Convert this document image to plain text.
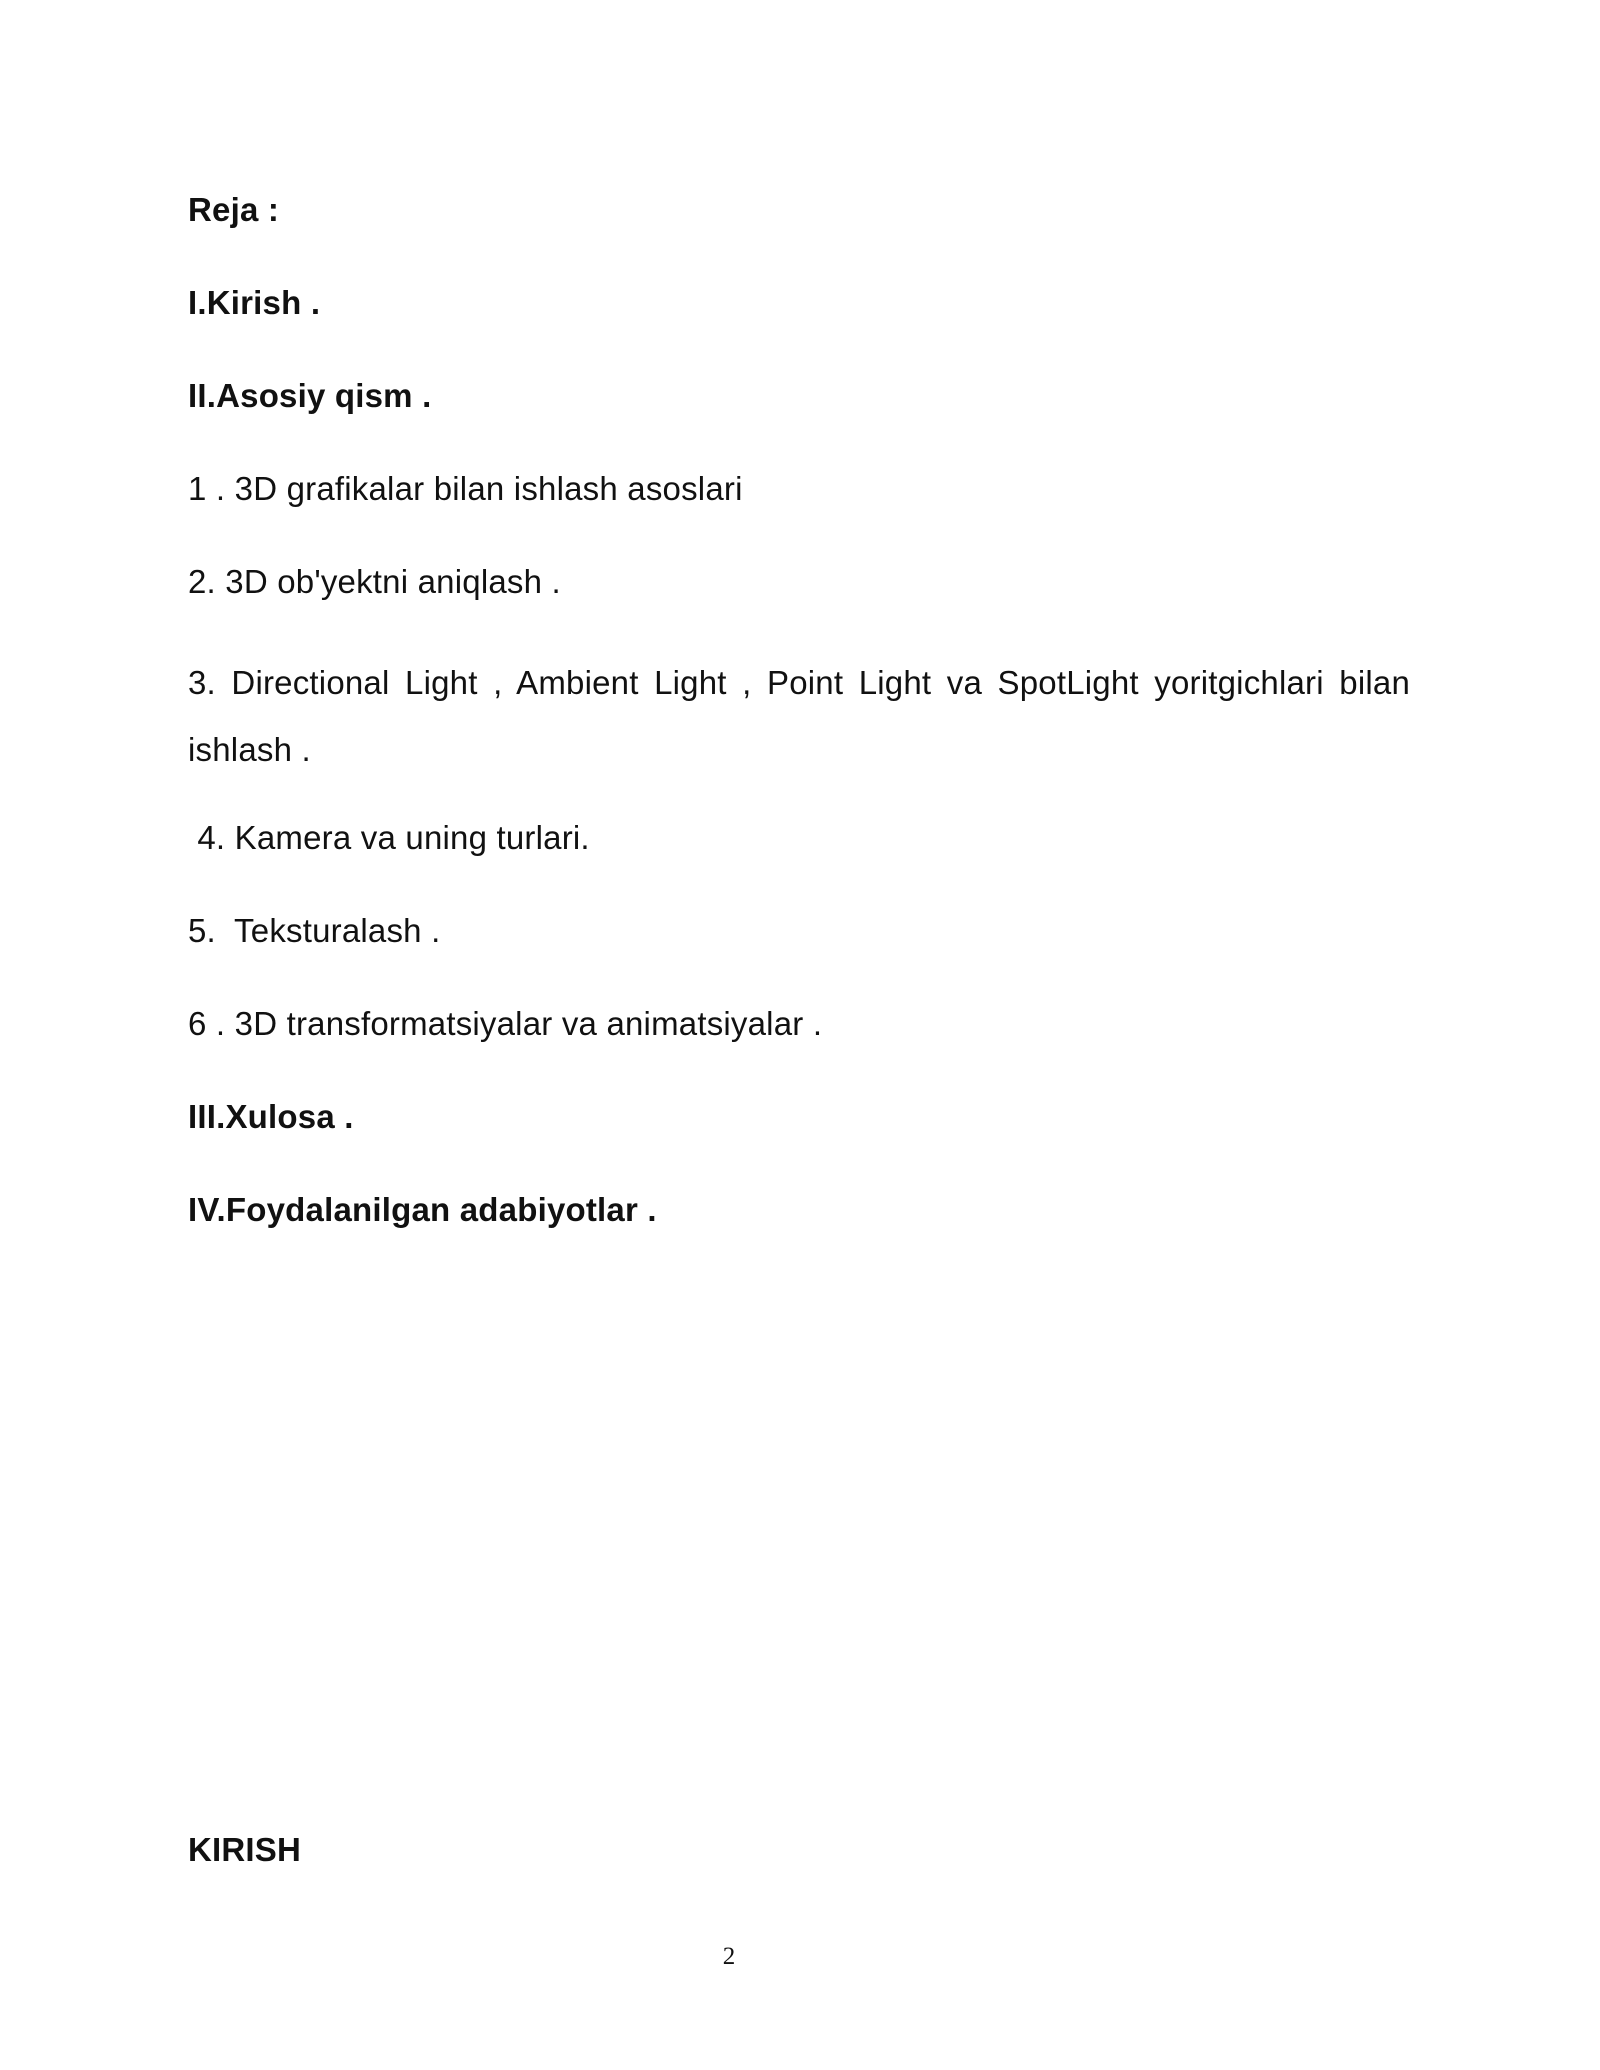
Reja :
I.Kirish .
II.Asosiy qism .
1 . 3D grafikalar bilan ishlash asoslari
2. 3D ob'yektni aniqlash .
3. Directional Light , Ambient Light , Point Light va SpotLight yoritgichlari bilan ishlash .
4. Kamera va uning turlari.
5.  Teksturalash .
6 . 3D transformatsiyalar va animatsiyalar .
III.Xulosa .
IV.Foydalanilgan adabiyotlar .
KIRISH
2
